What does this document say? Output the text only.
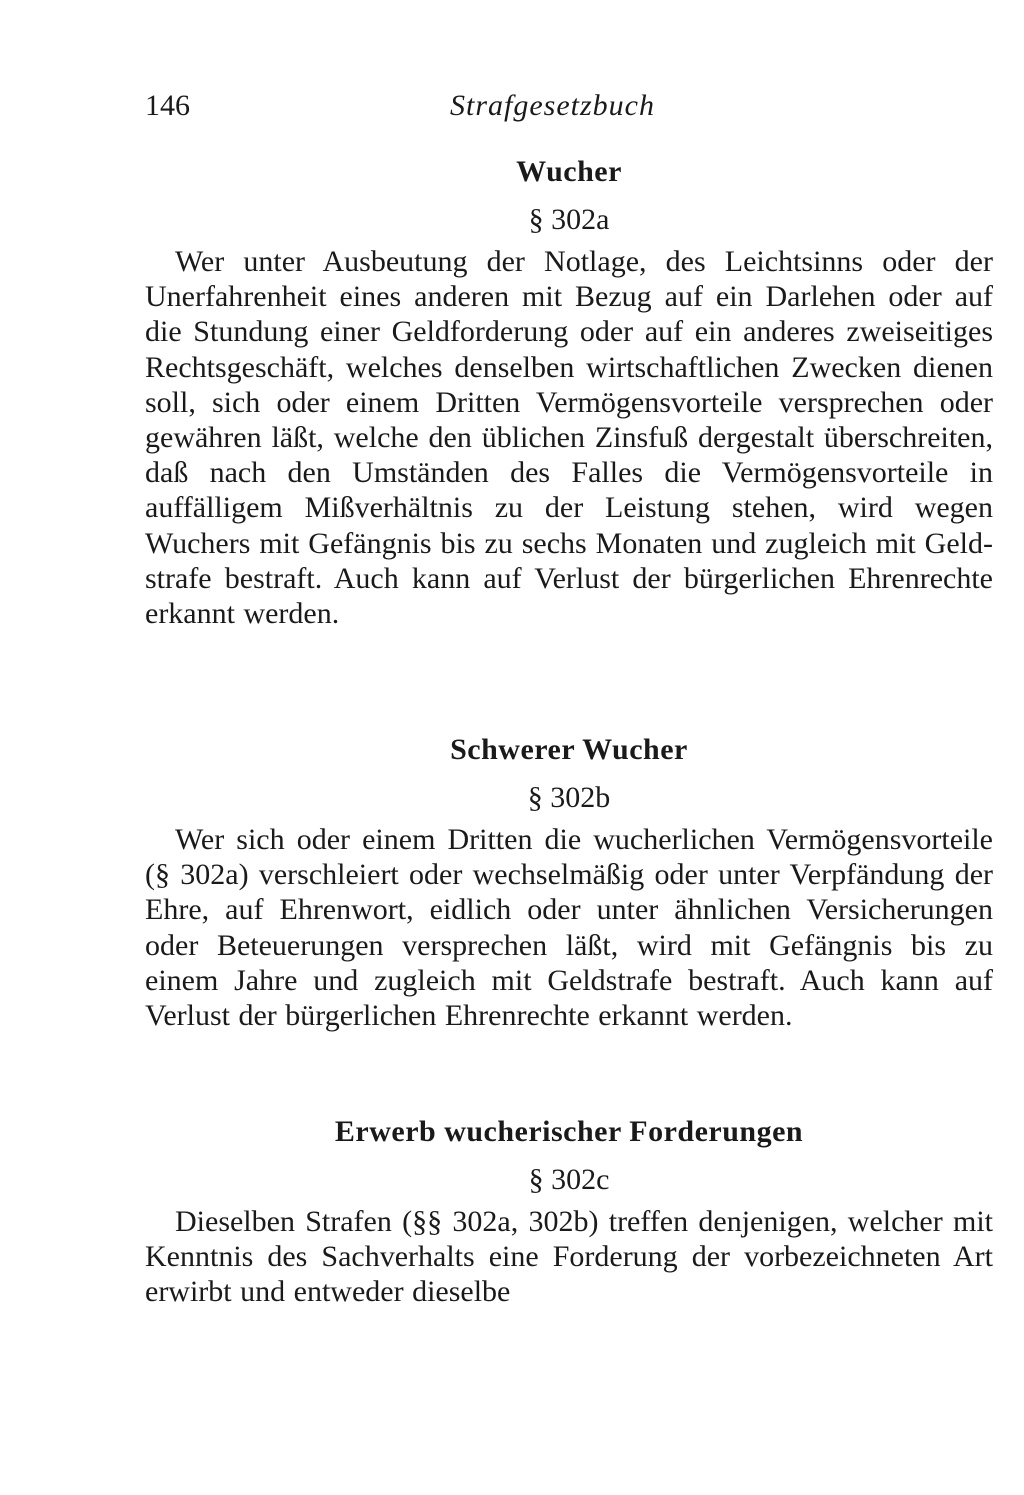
146	Strafgesetzbuch
Wucher
§ 302a

Wer unter Ausbeutung der Notlage, des Leichtsinns oder der Unerfahrenheit eines anderen mit Bezug auf ein Darlehen oder auf die Stundung einer Geldforderung oder auf ein anderes zweiseitiges Rechtsgeschäft, welches denselben wirtschaftlichen Zwecken dienen soll, sich oder einem Dritten Vermögensvorteile versprechen oder gewähren läßt, welche den üblichen Zinsfuß dergestalt überschreiten, daß nach den Umständen des Falles die Vermögensvorteile in auffälligem Mißverhältnis zu der Leistung stehen, wird wegen Wuchers mit Gefängnis bis zu sechs Monaten und zugleich mit Geldstrafe bestraft. Auch kann auf Verlust der bürgerlichen Ehrenrechte erkannt werden.

Schwerer Wucher
§ 302b

Wer sich oder einem Dritten die wucherlichen Vermögensvorteile (§ 302a) verschleiert oder wechselmäßig oder unter Verpfändung der Ehre, auf Ehrenwort, eidlich oder unter ähnlichen Versicherungen oder Beteuerungen versprechen läßt, wird mit Gefängnis bis zu einem Jahre und zugleich mit Geldstrafe bestraft. Auch kann auf Verlust der bürgerlichen Ehrenrechte erkannt werden.

Erwerb wucherischer Forderungen
§ 302c

Dieselben Strafen (§§ 302a, 302b) treffen denjenigen, welcher mit Kenntnis des Sachverhalts eine Forderung der vorbezeichneten Art erwirbt und entweder dieselbe
